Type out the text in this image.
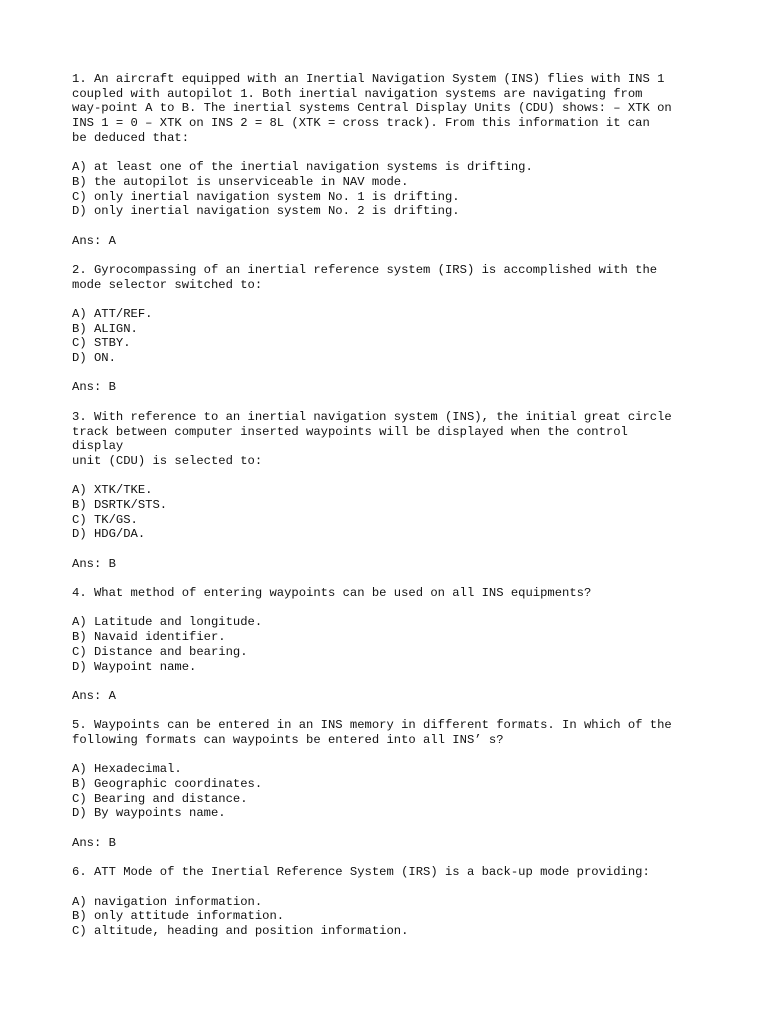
1. An aircraft equipped with an Inertial Navigation System (INS) flies with INS 1
coupled with autopilot 1. Both inertial navigation systems are navigating from
way-point A to B. The inertial systems Central Display Units (CDU) shows: – XTK on
INS 1 = 0 – XTK on INS 2 = 8L (XTK = cross track). From this information it can
be deduced that:
A) at least one of the inertial navigation systems is drifting.
B) the autopilot is unserviceable in NAV mode.
C) only inertial navigation system No. 1 is drifting.
D) only inertial navigation system No. 2 is drifting.
Ans: A
2. Gyrocompassing of an inertial reference system (IRS) is accomplished with the
mode selector switched to:
A) ATT/REF.
B) ALIGN.
C) STBY.
D) ON.
Ans: B
3. With reference to an inertial navigation system (INS), the initial great circle
track between computer inserted waypoints will be displayed when the control
display
unit (CDU) is selected to:
A) XTK/TKE.
B) DSRTK/STS.
C) TK/GS.
D) HDG/DA.
Ans: B
4. What method of entering waypoints can be used on all INS equipments?
A) Latitude and longitude.
B) Navaid identifier.
C) Distance and bearing.
D) Waypoint name.
Ans: A
5. Waypoints can be entered in an INS memory in different formats. In which of the
following formats can waypoints be entered into all INS’ s?
A) Hexadecimal.
B) Geographic coordinates.
C) Bearing and distance.
D) By waypoints name.
Ans: B
6. ATT Mode of the Inertial Reference System (IRS) is a back-up mode providing:
A) navigation information.
B) only attitude information.
C) altitude, heading and position information.
